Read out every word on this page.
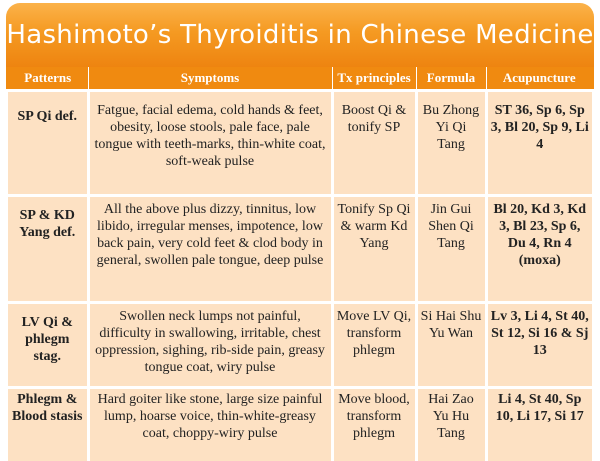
Hashimoto’s Thyroiditis in Chinese Medicine
Patterns	Symptoms	Tx principles	Formula	Acupuncture
SP Qi def.	Fatgue, facial edema, cold hands & feet, obesity, loose stools, pale face, pale tongue with teeth-marks, thin-white coat, soft-weak pulse	Boost Qi & tonify SP	Bu Zhong Yi Qi Tang	ST 36, Sp 6, Sp 3, Bl 20, Sp 9, Li 4
SP & KD Yang def.	All the above plus dizzy, tinnitus, low libido, irregular menses, impotence, low back pain, very cold feet & clod body in general, swollen pale tongue, deep pulse	Tonify Sp Qi & warm Kd Yang	Jin Gui Shen Qi Tang	Bl 20, Kd 3, Kd 3, Bl 23, Sp 6, Du 4, Rn 4 (moxa)
LV Qi & phlegm stag.	Swollen neck lumps not painful, difficulty in swallowing, irritable, chest oppression, sighing, rib-side pain, greasy tongue coat, wiry pulse	Move LV Qi, transform phlegm	Si Hai Shu Yu Wan	Lv 3, Li 4, St 40, St 12, Si 16 & Sj 13
Phlegm & Blood stasis	Hard goiter like stone, large size painful lump, hoarse voice, thin-white-greasy coat, choppy-wiry pulse	Move blood, transform phlegm	Hai Zao Yu Hu Tang	Li 4, St 40, Sp 10, Li 17, Si 17
